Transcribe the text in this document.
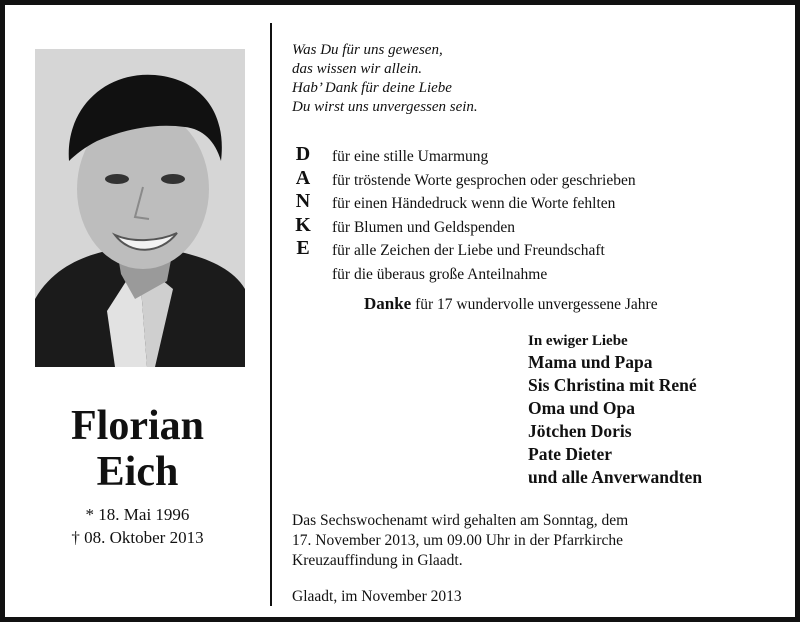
Florian
Eich
* 18. Mai 1996
† 08. Oktober 2013
Was Du für uns gewesen,
das wissen wir allein.
Hab’ Dank für deine Liebe
Du wirst uns unvergessen sein.
D
A
N
K
E
für eine stille Umarmung
für tröstende Worte gesprochen oder geschrieben
für einen Händedruck wenn die Worte fehlten
für Blumen und Geldspenden
für alle Zeichen der Liebe und Freundschaft
für die überaus große Anteilnahme
Danke für 17 wundervolle unvergessene Jahre
In ewiger Liebe
Mama und Papa
Sis Christina mit René
Oma und Opa
Jötchen Doris
Pate Dieter
und alle Anverwandten
Das Sechswochenamt wird gehalten am Sonntag, dem
17. November 2013, um 09.00 Uhr in der Pfarrkirche
Kreuzauffindung in Glaadt.
Glaadt, im November 2013
